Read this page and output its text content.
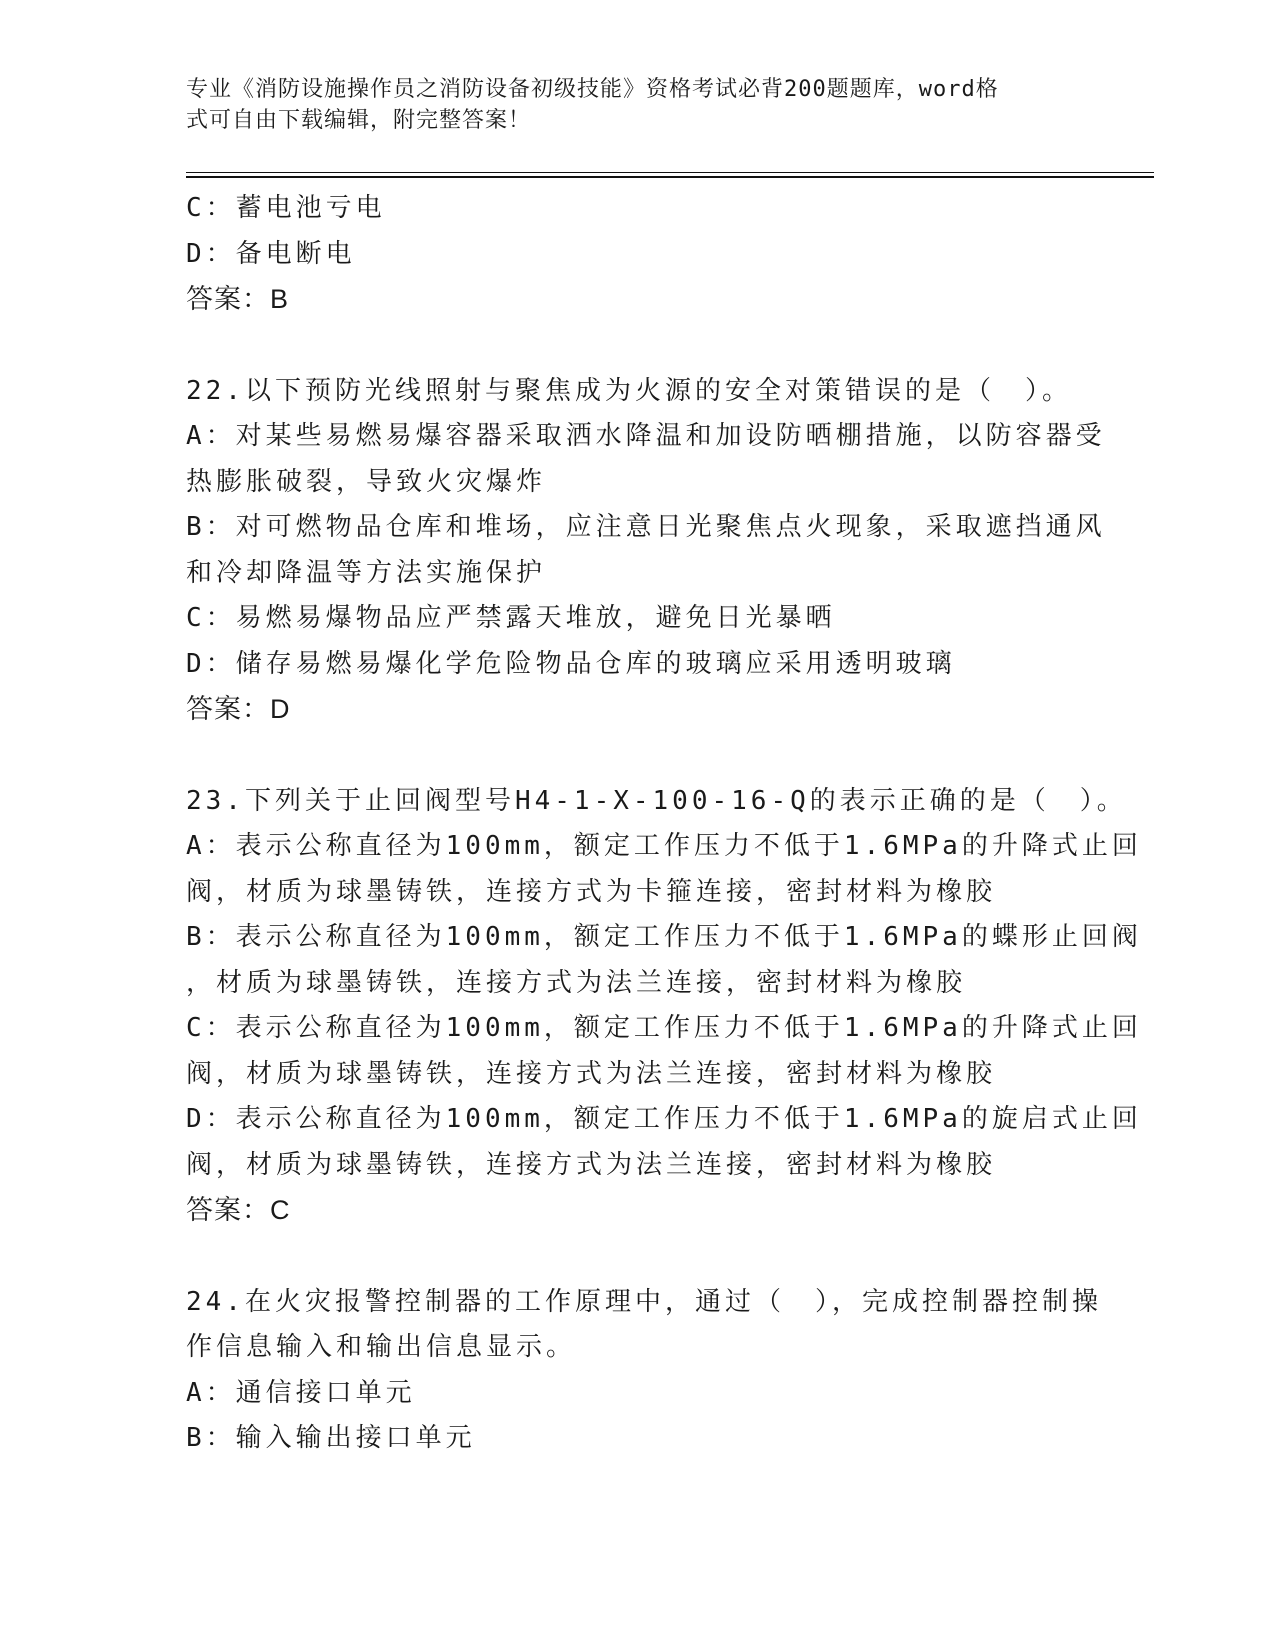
专业《消防设施操作员之消防设备初级技能》资格考试必背200题题库，word格
式可自由下载编辑，附完整答案！
C：蓄电池亏电
D：备电断电
答案：B
22.以下预防光线照射与聚焦成为火源的安全对策错误的是（　）。
A：对某些易燃易爆容器采取洒水降温和加设防晒棚措施，以防容器受
热膨胀破裂，导致火灾爆炸
B：对可燃物品仓库和堆场，应注意日光聚焦点火现象，采取遮挡通风
和冷却降温等方法实施保护
C：易燃易爆物品应严禁露天堆放，避免日光暴晒
D：储存易燃易爆化学危险物品仓库的玻璃应采用透明玻璃
答案：D
23.下列关于止回阀型号H4-1-X-100-16-Q的表示正确的是（　）。
A：表示公称直径为100mm，额定工作压力不低于1.6MPa的升降式止回
阀，材质为球墨铸铁，连接方式为卡箍连接，密封材料为橡胶
B：表示公称直径为100mm，额定工作压力不低于1.6MPa的蝶形止回阀
，材质为球墨铸铁，连接方式为法兰连接，密封材料为橡胶
C：表示公称直径为100mm，额定工作压力不低于1.6MPa的升降式止回
阀，材质为球墨铸铁，连接方式为法兰连接，密封材料为橡胶
D：表示公称直径为100mm，额定工作压力不低于1.6MPa的旋启式止回
阀，材质为球墨铸铁，连接方式为法兰连接，密封材料为橡胶
答案：C
24.在火灾报警控制器的工作原理中，通过（　），完成控制器控制操
作信息输入和输出信息显示。
A：通信接口单元
B：输入输出接口单元
